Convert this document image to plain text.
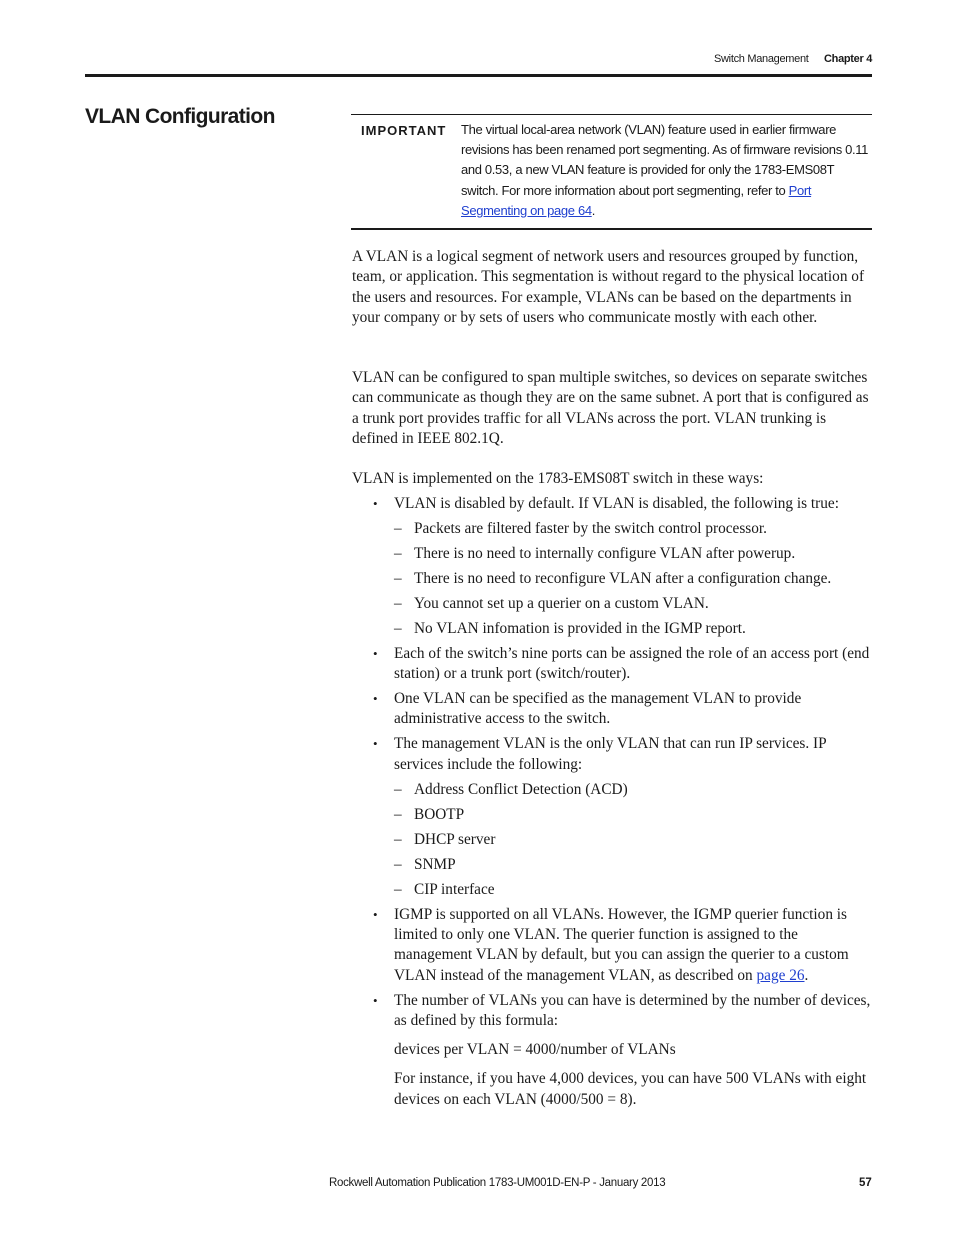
Switch Management Chapter 4
VLAN Configuration
IMPORTANT The virtual local-area network (VLAN) feature used in earlier firmware revisions has been renamed port segmenting. As of firmware revisions 0.11 and 0.53, a new VLAN feature is provided for only the 1783-EMS08T switch. For more information about port segmenting, refer to Port Segmenting on page 64.
A VLAN is a logical segment of network users and resources grouped by function, team, or application. This segmentation is without regard to the physical location of the users and resources. For example, VLANs can be based on the departments in your company or by sets of users who communicate mostly with each other.
VLAN can be configured to span multiple switches, so devices on separate switches can communicate as though they are on the same subnet. A port that is configured as a trunk port provides traffic for all VLANs across the port. VLAN trunking is defined in IEEE 802.1Q.
VLAN is implemented on the 1783-EMS08T switch in these ways:
• VLAN is disabled by default. If VLAN is disabled, the following is true:
– Packets are filtered faster by the switch control processor.
– There is no need to internally configure VLAN after powerup.
– There is no need to reconfigure VLAN after a configuration change.
– You cannot set up a querier on a custom VLAN.
– No VLAN infomation is provided in the IGMP report.
• Each of the switch’s nine ports can be assigned the role of an access port (end station) or a trunk port (switch/router).
• One VLAN can be specified as the management VLAN to provide administrative access to the switch.
• The management VLAN is the only VLAN that can run IP services. IP services include the following:
– Address Conflict Detection (ACD)
– BOOTP
– DHCP server
– SNMP
– CIP interface
• IGMP is supported on all VLANs. However, the IGMP querier function is limited to only one VLAN. The querier function is assigned to the management VLAN by default, but you can assign the querier to a custom VLAN instead of the management VLAN, as described on page 26.
• The number of VLANs you can have is determined by the number of devices, as defined by this formula:
devices per VLAN = 4000/number of VLANs
For instance, if you have 4,000 devices, you can have 500 VLANs with eight devices on each VLAN (4000/500 = 8).
Rockwell Automation Publication 1783-UM001D-EN-P - January 2013	57
